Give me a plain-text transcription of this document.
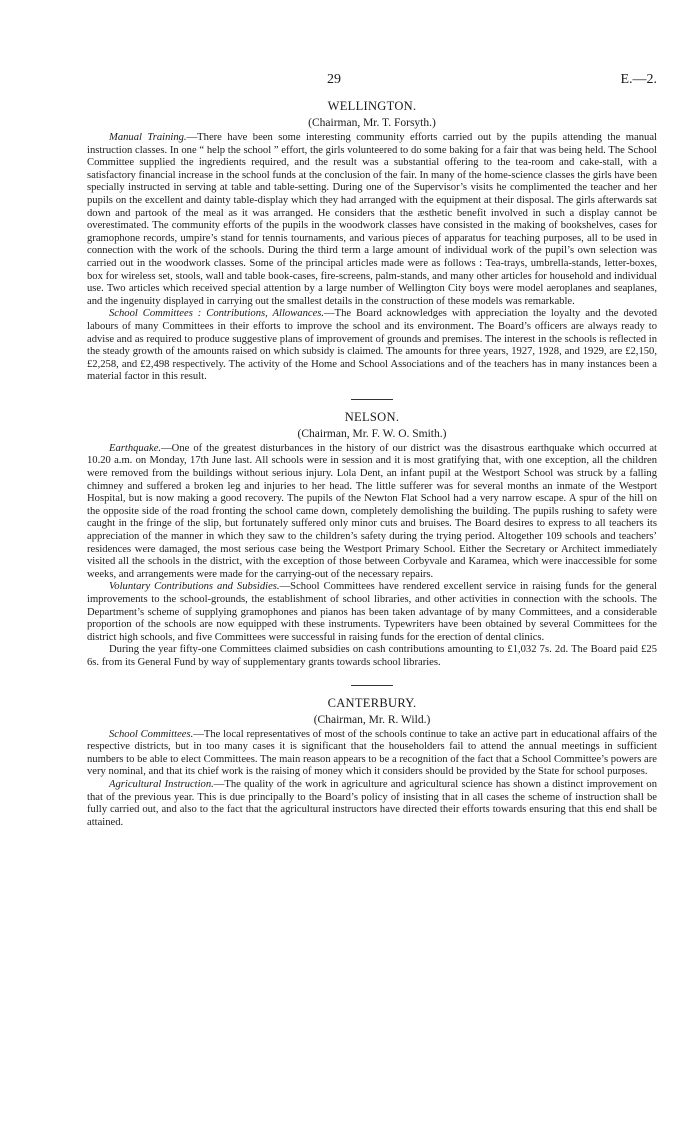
29	E.—2.
WELLINGTON.
(Chairman, Mr. T. Forsyth.)

Manual Training.—There have been some interesting community efforts carried out by the pupils attending the manual instruction classes. In one “ help the school ” effort, the girls volunteered to do some baking for a fair that was being held. The School Committee supplied the ingredients required, and the result was a substantial offering to the tea-room and cake-stall, with a satisfactory financial increase in the school funds at the conclusion of the fair. In many of the home-science classes the girls have been specially instructed in serving at table and table-setting. During one of the Supervisor’s visits he complimented the teacher and her pupils on the excellent and dainty table-display which they had arranged with the equipment at their disposal. The girls afterwards sat down and partook of the meal as it was arranged. He considers that the æsthetic benefit involved in such a display cannot be overestimated. The community efforts of the pupils in the woodwork classes have consisted in the making of bookshelves, cases for gramophone records, umpire’s stand for tennis tournaments, and various pieces of apparatus for teaching purposes, all to be used in connection with the work of the schools. During the third term a large amount of individual work of the pupil’s own selection was carried out in the woodwork classes. Some of the principal articles made were as follows : Tea-trays, umbrella-stands, letter-boxes, box for wireless set, stools, wall and table book-cases, fire-screens, palm-stands, and many other articles for household and individual use. Two articles which received special attention by a large number of Wellington City boys were model aeroplanes and seaplanes, and the ingenuity displayed in carrying out the smallest details in the construction of these models was remarkable.

School Committees : Contributions, Allowances.—The Board acknowledges with appreciation the loyalty and the devoted labours of many Committees in their efforts to improve the school and its environment. The Board’s officers are always ready to advise and as required to produce suggestive plans of improvement of grounds and premises. The interest in the schools is reflected in the steady growth of the amounts raised on which subsidy is claimed. The amounts for three years, 1927, 1928, and 1929, are £2,150, £2,258, and £2,498 respectively. The activity of the Home and School Associations and of the teachers has in many instances been a material factor in this result.

NELSON.
(Chairman, Mr. F. W. O. Smith.)

Earthquake.—One of the greatest disturbances in the history of our district was the disastrous earthquake which occurred at 10.20 a.m. on Monday, 17th June last. All schools were in session and it is most gratifying that, with one exception, all the children were removed from the buildings without serious injury. Lola Dent, an infant pupil at the Westport School was struck by a falling chimney and suffered a broken leg and injuries to her head. The little sufferer was for several months an inmate of the Westport Hospital, but is now making a good recovery. The pupils of the Newton Flat School had a very narrow escape. A spur of the hill on the opposite side of the road fronting the school came down, completely demolishing the building. The pupils rushing to safety were caught in the fringe of the slip, but fortunately suffered only minor cuts and bruises. The Board desires to express to all teachers its appreciation of the manner in which they saw to the children’s safety during the trying period. Altogether 109 schools and teachers’ residences were damaged, the most serious case being the Westport Primary School. Either the Secretary or Architect immediately visited all the schools in the district, with the exception of those between Corbyvale and Karamea, which were inaccessible for some weeks, and arrangements were made for the carrying-out of the necessary repairs.

Voluntary Contributions and Subsidies.—School Committees have rendered excellent service in raising funds for the general improvements to the school-grounds, the establishment of school libraries, and other activities in connection with the schools. The Department’s scheme of supplying gramophones and pianos has been taken advantage of by many Committees, and a considerable proportion of the schools are now equipped with these instruments. Typewriters have been obtained by several Committees for the district high schools, and five Committees were successful in raising funds for the erection of dental clinics.

During the year fifty-one Committees claimed subsidies on cash contributions amounting to £1,032 7s. 2d. The Board paid £25 6s. from its General Fund by way of supplementary grants towards school libraries.

CANTERBURY.
(Chairman, Mr. R. Wild.)

School Committees.—The local representatives of most of the schools continue to take an active part in educational affairs of the respective districts, but in too many cases it is significant that the householders fail to attend the annual meetings in sufficient numbers to be able to elect Committees. The main reason appears to be a recognition of the fact that a School Committee’s powers are very nominal, and that its chief work is the raising of money which it considers should be provided by the State for school purposes.

Agricultural Instruction.—The quality of the work in agriculture and agricultural science has shown a distinct improvement on that of the previous year. This is due principally to the Board’s policy of insisting that in all cases the scheme of instruction shall be fully carried out, and also to the fact that the agricultural instructors have directed their efforts towards ensuring that this end shall be attained.
